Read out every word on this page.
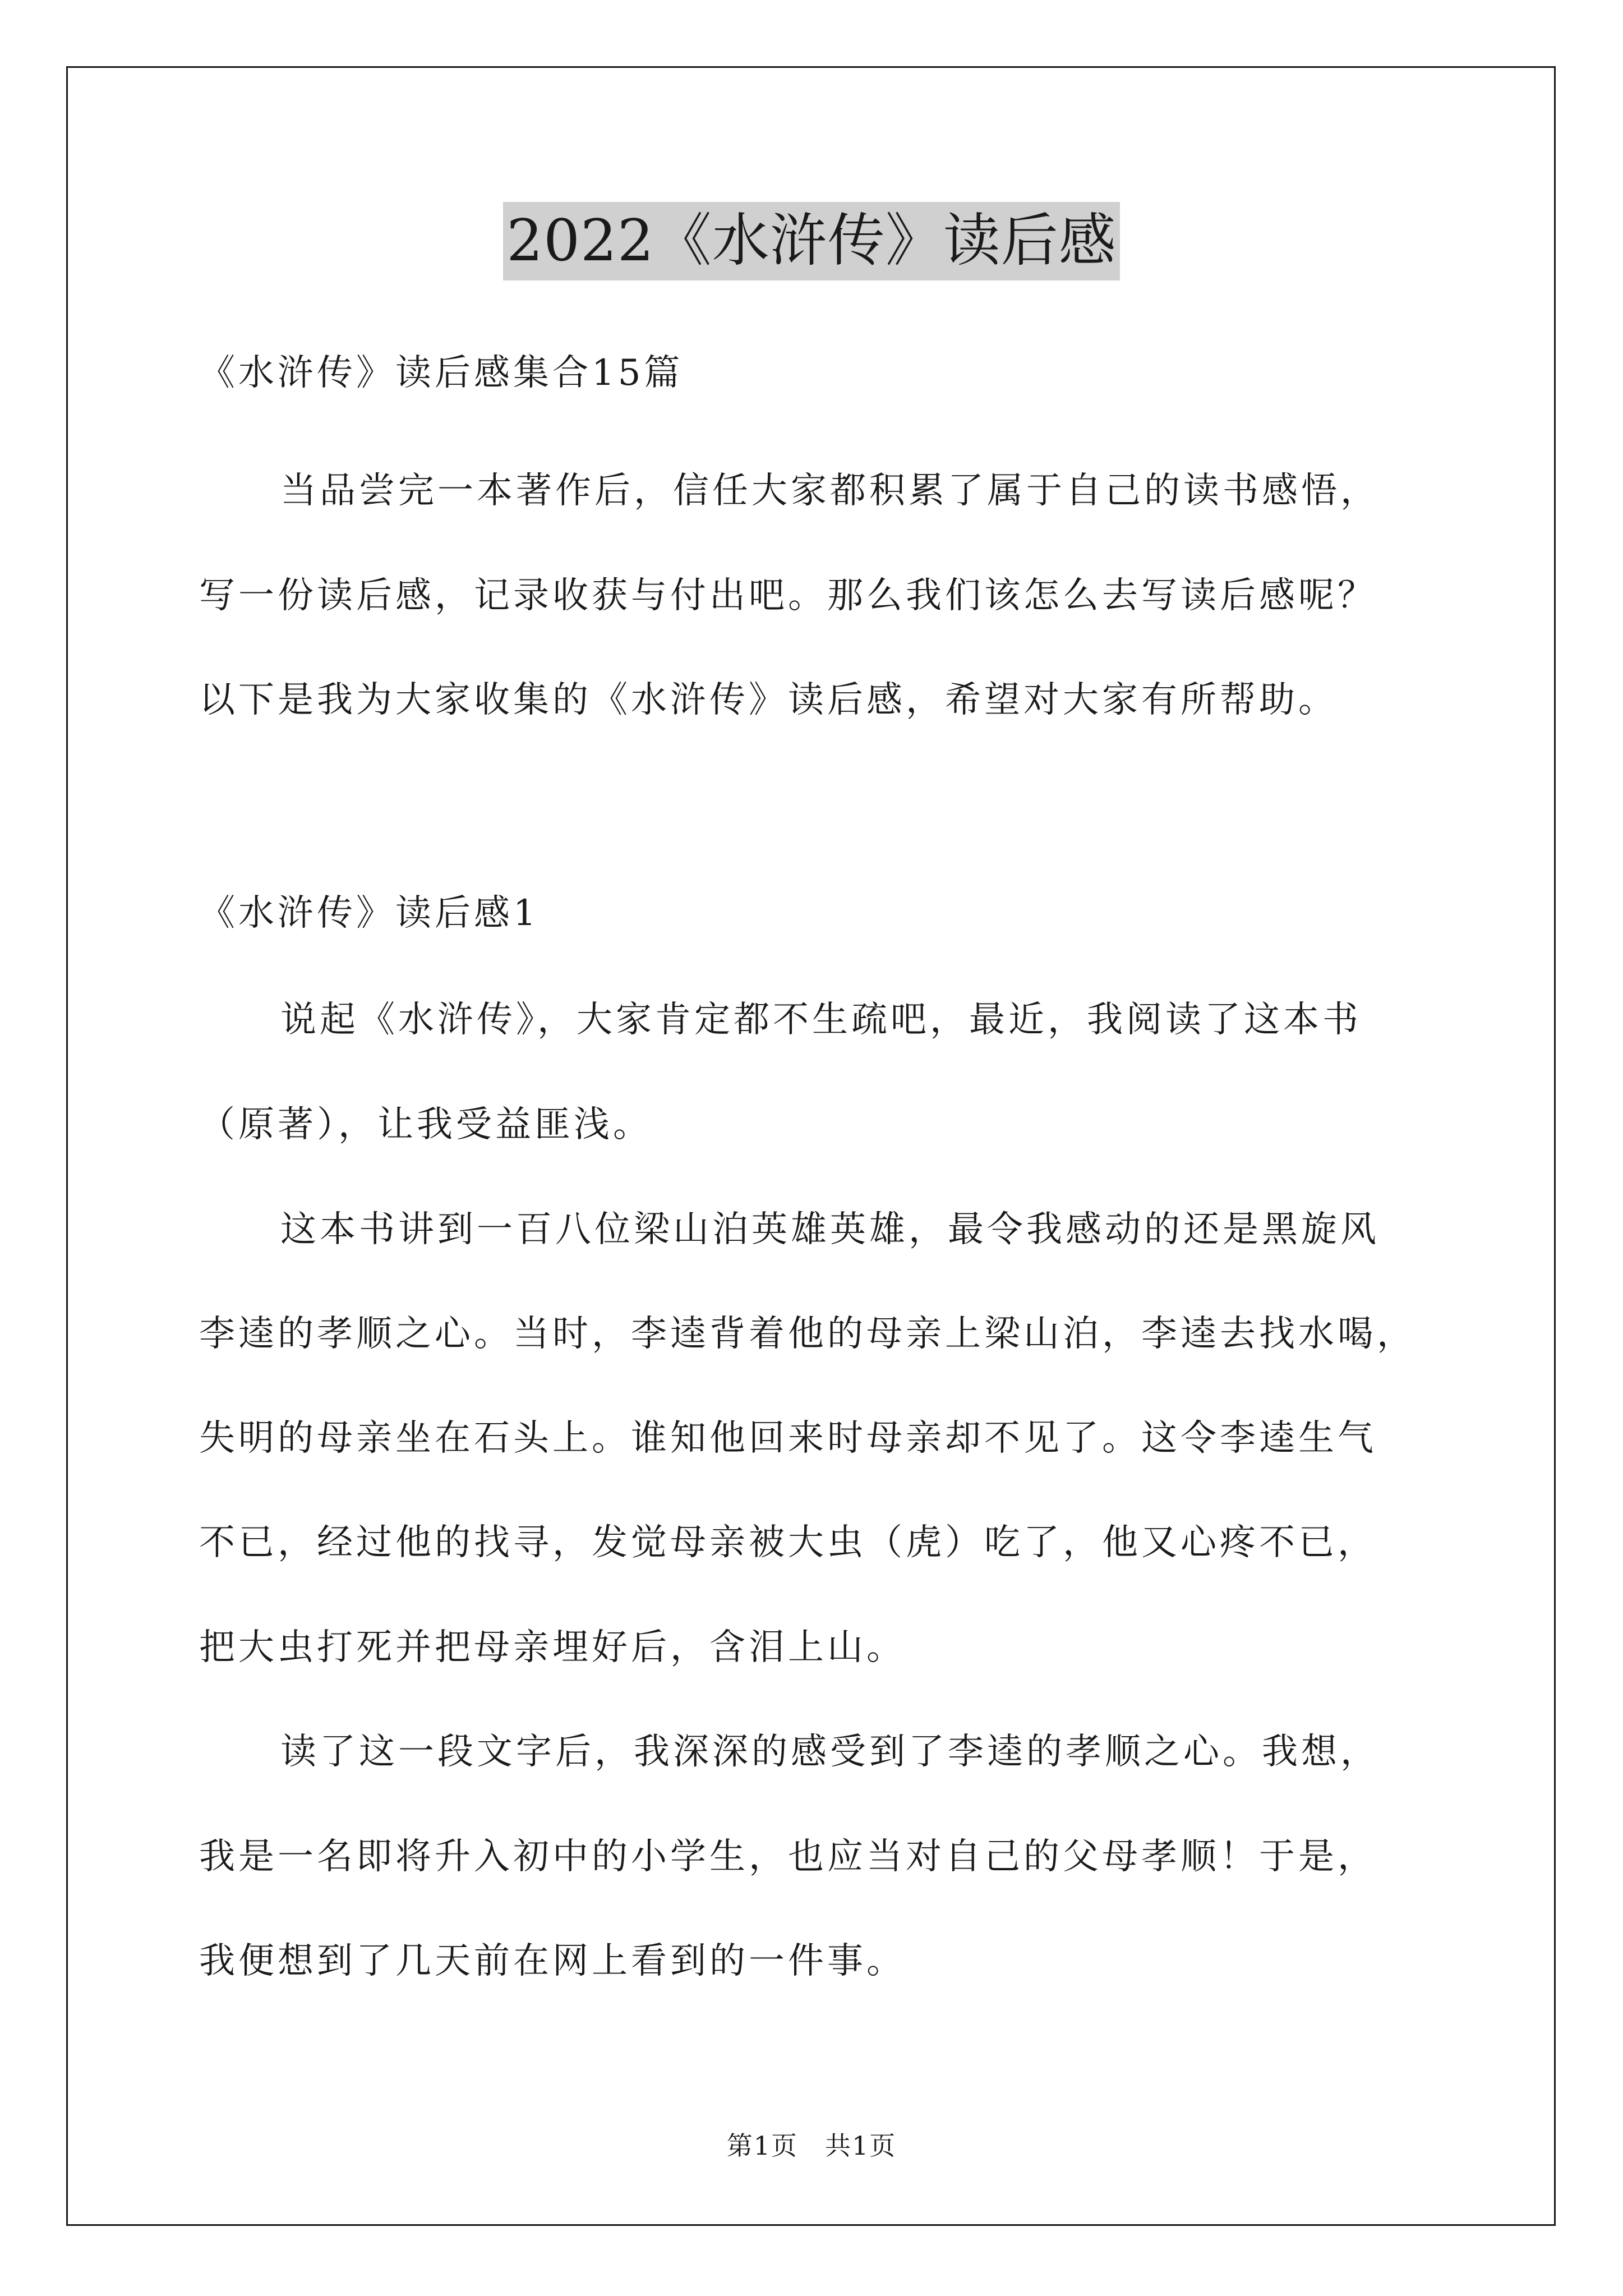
2022《水浒传》读后感
《水浒传》读后感集合15篇
当品尝完一本著作后，信任大家都积累了属于自己的读书感悟，
写一份读后感，记录收获与付出吧。那么我们该怎么去写读后感呢？
以下是我为大家收集的《水浒传》读后感，希望对大家有所帮助。
《水浒传》读后感1
说起《水浒传》，大家肯定都不生疏吧，最近，我阅读了这本书
（原著），让我受益匪浅。
这本书讲到一百八位梁山泊英雄英雄，最令我感动的还是黑旋风
李逵的孝顺之心。当时，李逵背着他的母亲上梁山泊，李逵去找水喝，
失明的母亲坐在石头上。谁知他回来时母亲却不见了。这令李逵生气
不已，经过他的找寻，发觉母亲被大虫（虎）吃了，他又心疼不已，
把大虫打死并把母亲埋好后，含泪上山。
读了这一段文字后，我深深的感受到了李逵的孝顺之心。我想，
我是一名即将升入初中的小学生，也应当对自己的父母孝顺！于是，
我便想到了几天前在网上看到的一件事。
第1页　共1页
